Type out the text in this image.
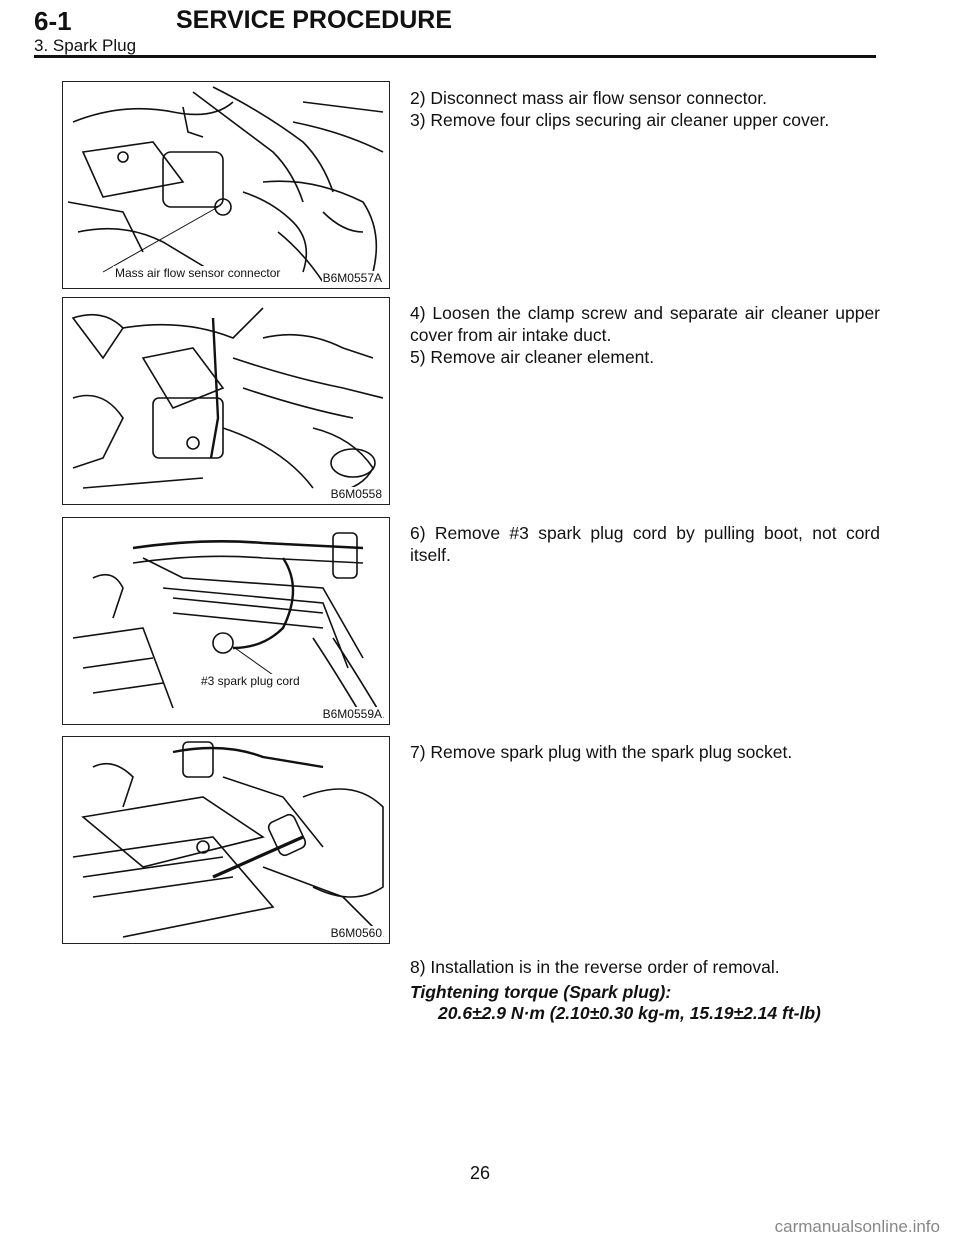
6-1	SERVICE PROCEDURE
3. Spark Plug
Mass air flow sensor connector	B6M0557A
B6M0558
#3 spark plug cord
B6M0559A
B6M0560

2) Disconnect mass air flow sensor connector.

3) Remove four clips securing air cleaner upper cover.

4) Loosen the clamp screw and separate air cleaner upper cover from air intake duct.

5) Remove air cleaner element.

6) Remove #3 spark plug cord by pulling boot, not cord itself.

7) Remove spark plug with the spark plug socket.

8) Installation is in the reverse order of removal.

Tightening torque (Spark plug):
20.6±2.9 N·m (2.10±0.30 kg-m, 15.19±2.14 ft-lb)
26
carmanualsonline.info
